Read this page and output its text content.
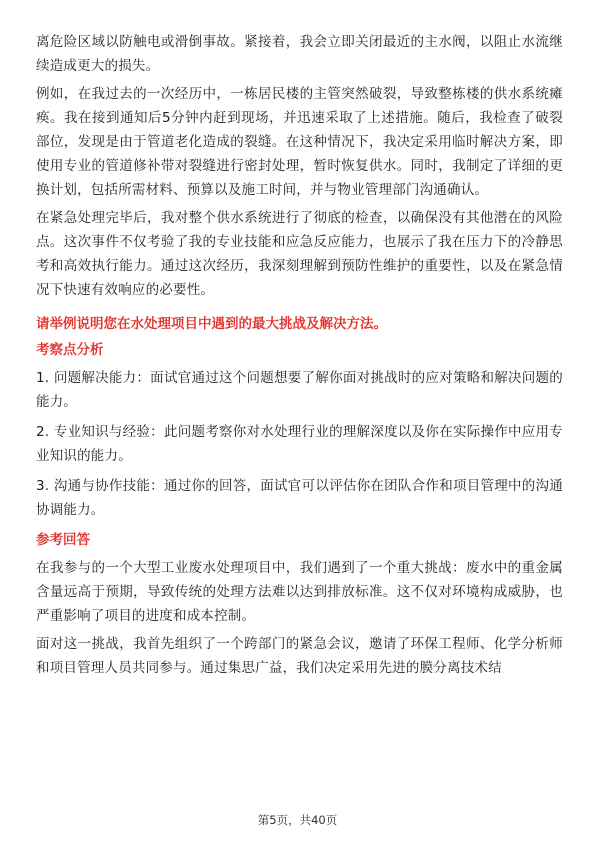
离危险区域以防触电或滑倒事故。紧接着，我会立即关闭最近的主水阀，以阻止水流继续造成更大的损失。

例如，在我过去的一次经历中，一栋居民楼的主管突然破裂，导致整栋楼的供水系统瘫痪。我在接到通知后5分钟内赶到现场，并迅速采取了上述措施。随后，我检查了破裂部位，发现是由于管道老化造成的裂缝。在这种情况下，我决定采用临时解决方案，即使用专业的管道修补带对裂缝进行密封处理，暂时恢复供水。同时，我制定了详细的更换计划，包括所需材料、预算以及施工时间，并与物业管理部门沟通确认。

在紧急处理完毕后，我对整个供水系统进行了彻底的检查，以确保没有其他潜在的风险点。这次事件不仅考验了我的专业技能和应急反应能力，也展示了我在压力下的冷静思考和高效执行能力。通过这次经历，我深刻理解到预防性维护的重要性，以及在紧急情况下快速有效响应的必要性。

请举例说明您在水处理项目中遇到的最大挑战及解决方法。

考察点分析

1. 问题解决能力：面试官通过这个问题想要了解你面对挑战时的应对策略和解决问题的能力。

2. 专业知识与经验：此问题考察你对水处理行业的理解深度以及你在实际操作中应用专业知识的能力。

3. 沟通与协作技能：通过你的回答，面试官可以评估你在团队合作和项目管理中的沟通协调能力。

参考回答

在我参与的一个大型工业废水处理项目中，我们遇到了一个重大挑战：废水中的重金属含量远高于预期，导致传统的处理方法难以达到排放标准。这不仅对环境构成威胁，也严重影响了项目的进度和成本控制。

面对这一挑战，我首先组织了一个跨部门的紧急会议，邀请了环保工程师、化学分析师和项目管理人员共同参与。通过集思广益，我们决定采用先进的膜分离技术结

第5页，共40页
